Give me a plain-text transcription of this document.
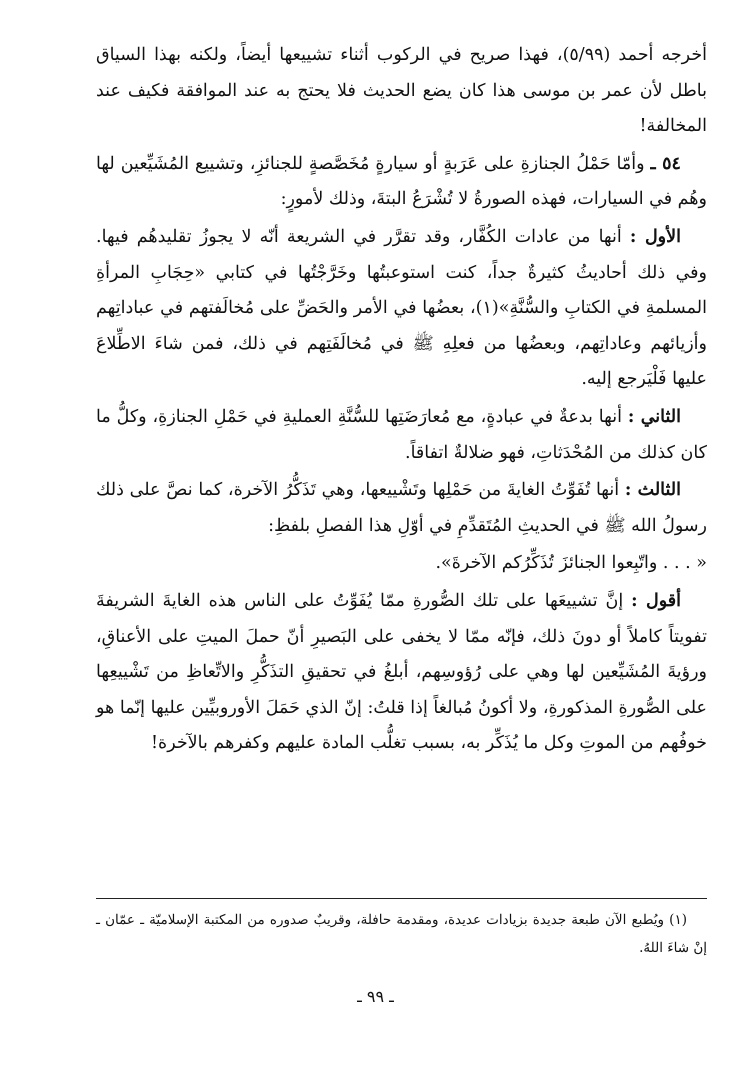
أخرجه أحمد (٥/٩٩)، فهذا صريح في الركوب أثناء تشييعها أيضاً، ولكنه بهذا السياق باطل لأن عمر بن موسى هذا كان يضع الحديث فلا يحتج به عند الموافقة فكيف عند المخالفة!

٥٤ ـ وأمّا حَمْلُ الجنازةِ على عَرَبةٍ أو سيارةٍ مُخَصَّصةٍ للجنائزِ، وتشييع المُشَيِّعين لها وهُم في السيارات، فهذه الصورةُ لا تُشْرَعُ البتةَ، وذلك لأمورٍ:

الأول : أنها من عادات الكُفَّار، وقد تقرَّر في الشريعة أنّه لا يجوزُ تقليدهُم فيها. وفي ذلك أحاديثُ كثيرةٌ جداً، كنت استوعبتُها وخَرَّجْتُها في كتابي «حِجَابِ المرأةِ المسلمةِ في الكتابِ والسُّنَّةِ»(١)، بعضُها في الأمر والحَضِّ على مُخالَفتهم في عباداتِهم وأزيائهم وعاداتِهم، وبعضُها من فعلِهِ ﷺ في مُخالَفَتِهم في ذلك، فمن شاءَ الاطِّلاعَ عليها فَلْيَرجع إليه.

الثاني : أنها بدعةٌ في عبادةٍ، مع مُعارَضَتِها للسُّنَّةِ العمليةِ في حَمْلِ الجنازةِ، وكلُّ ما كان كذلك من المُحْدَثاتِ، فهو ضلالةٌ اتفاقاً.

الثالث : أنها تُفَوِّتُ الغايةَ من حَمْلِها وتَشْييعها، وهي تَذَكُّرُ الآخرة، كما نصَّ على ذلك رسولُ الله ﷺ في الحديثِ المُتَقدِّمِ في أوّلِ هذا الفصلِ بلفظِ:

« . . . واتّبِعوا الجنائزَ تُذَكِّرُكم الآخرةَ».

أقول : إنَّ تشييعَها على تلك الصُّورةِ ممّا يُفَوِّتُ على الناس هذه الغايةَ الشريفةَ تفويتاً كاملاً أو دونَ ذلك، فإنّه ممّا لا يخفى على البَصيرِ أنّ حملَ الميتِ على الأعناقِ، ورؤيةَ المُشَيِّعين لها وهي على رُؤوسِهم، أبلغُ في تحقيقِ التذَكُّرِ والاتِّعاظِ من تَشْييعِها على الصُّورةِ المذكورةِ، ولا أكونُ مُبالغاً إذا قلتُ: إنّ الذي حَمَلَ الأوروبيِّين عليها إنّما هو خوفُهم من الموتِ وكل ما يُذَكِّر به، بسبب تغلُّب المادة عليهم وكفرهم بالآخرة!

(١) ويُطبع الآن طبعة جديدة بزيادات عديدة، ومقدمة حافلة، وقريبٌ صدوره من المكتبة الإسلاميّة ـ عمّان ـ إنْ شاءَ اللهُ.

ـ ٩٩ ـ
